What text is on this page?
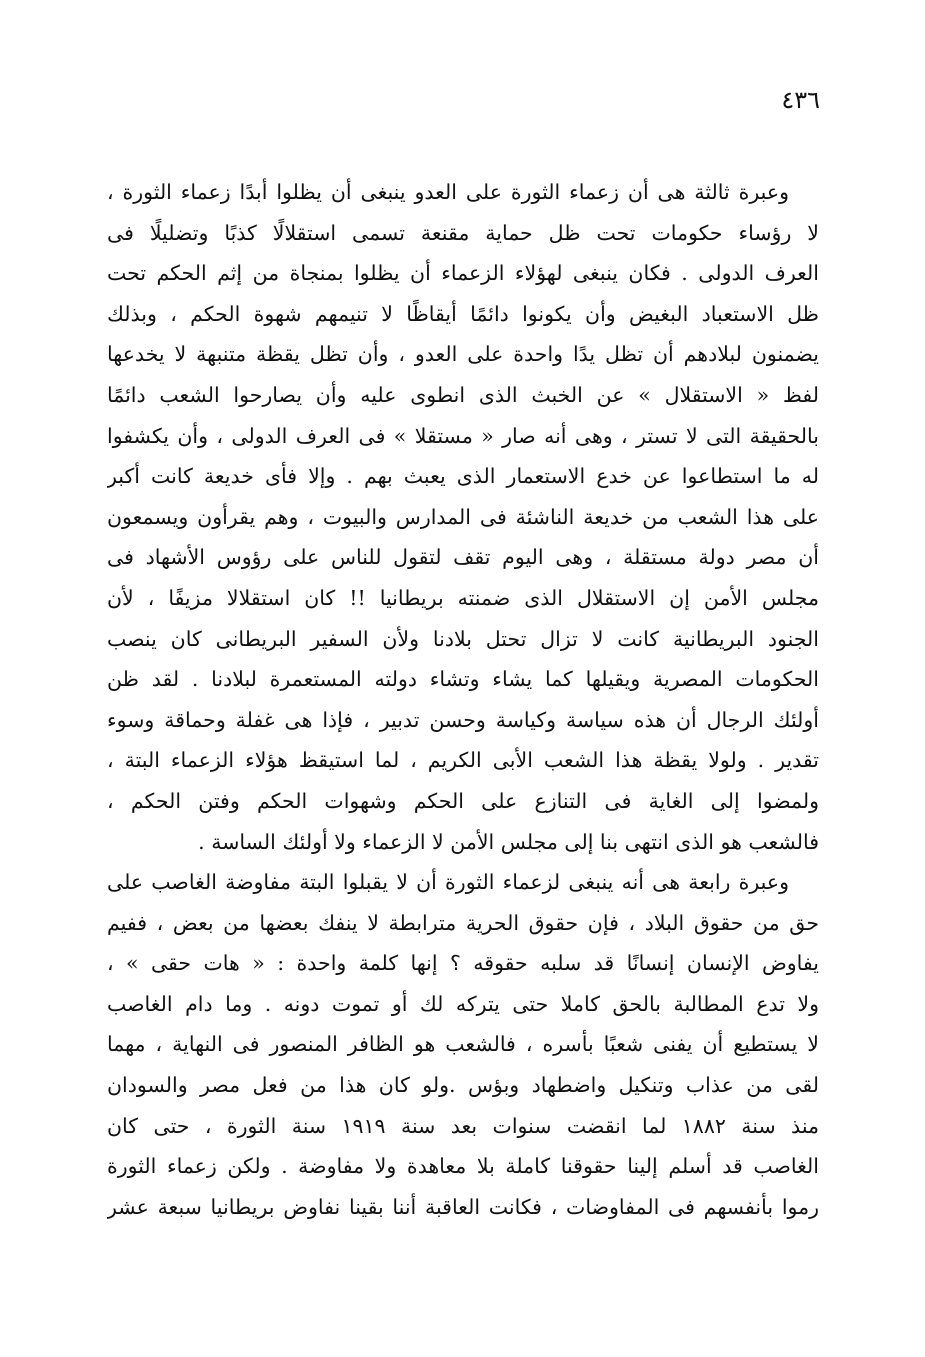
٤٣٦
وعبرة ثالثة هى أن زعماء الثورة على العدو ينبغى أن يظلوا أبدًا زعماء الثورة ،
لا رؤساء حكومات تحت ظل حماية مقنعة تسمى استقلالًا كذبًا وتضليلًا فى
العرف الدولى . فكان ينبغى لهؤلاء الزعماء أن يظلوا بمنجاة من إثم الحكم تحت
ظل الاستعباد البغيض وأن يكونوا دائمًا أيقاظًا لا تنيمهم شهوة الحكم ، وبذلك
يضمنون لبلادهم أن تظل يدًا واحدة على العدو ، وأن تظل يقظة متنبهة لا يخدعها
لفظ « الاستقلال » عن الخبث الذى انطوى عليه وأن يصارحوا الشعب دائمًا
بالحقيقة التى لا تستر ، وهى أنه صار « مستقلا » فى العرف الدولى ، وأن يكشفوا
له ما استطاعوا عن خدع الاستعمار الذى يعبث بهم . وإلا فأى خديعة كانت أكبر
على هذا الشعب من خديعة الناشئة فى المدارس والبيوت ، وهم يقرأون ويسمعون
أن مصر دولة مستقلة ، وهى اليوم تقف لتقول للناس على رؤوس الأشهاد فى
مجلس الأمن إن الاستقلال الذى ضمنته بريطانيا !! كان استقلالا مزيفًا ، لأن
الجنود البريطانية كانت لا تزال تحتل بلادنا ولأن السفير البريطانى كان ينصب
الحكومات المصرية ويقيلها كما يشاء وتشاء دولته المستعمرة لبلادنا . لقد ظن
أولئك الرجال أن هذه سياسة وكياسة وحسن تدبير ، فإذا هى غفلة وحماقة وسوء
تقدير . ولولا يقظة هذا الشعب الأبى الكريم ، لما استيقظ هؤلاء الزعماء البتة ،
ولمضوا إلى الغاية فى التنازع على الحكم وشهوات الحكم وفتن الحكم ،
فالشعب هو الذى انتهى بنا إلى مجلس الأمن لا الزعماء ولا أولئك الساسة .
وعبرة رابعة هى أنه ينبغى لزعماء الثورة أن لا يقبلوا البتة مفاوضة الغاصب على
حق من حقوق البلاد ، فإن حقوق الحرية مترابطة لا ينفك بعضها من بعض ، ففيم
يفاوض الإنسان إنسانًا قد سلبه حقوقه ؟ إنها كلمة واحدة : « هات حقى » ،
ولا تدع المطالبة بالحق كاملا حتى يتركه لك أو تموت دونه . وما دام الغاصب
لا يستطيع أن يفنى شعبًا بأسره ، فالشعب هو الظافر المنصور فى النهاية ، مهما
لقى من عذاب وتنكيل واضطهاد وبؤس .ولو كان هذا من فعل مصر والسودان
منذ سنة ١٨٨٢ لما انقضت سنوات بعد سنة ١٩١٩ سنة الثورة ، حتى كان
الغاصب قد أسلم إلينا حقوقنا كاملة بلا معاهدة ولا مفاوضة . ولكن زعماء الثورة
رموا بأنفسهم فى المفاوضات ، فكانت العاقبة أننا بقينا نفاوض بريطانيا سبعة عشر
